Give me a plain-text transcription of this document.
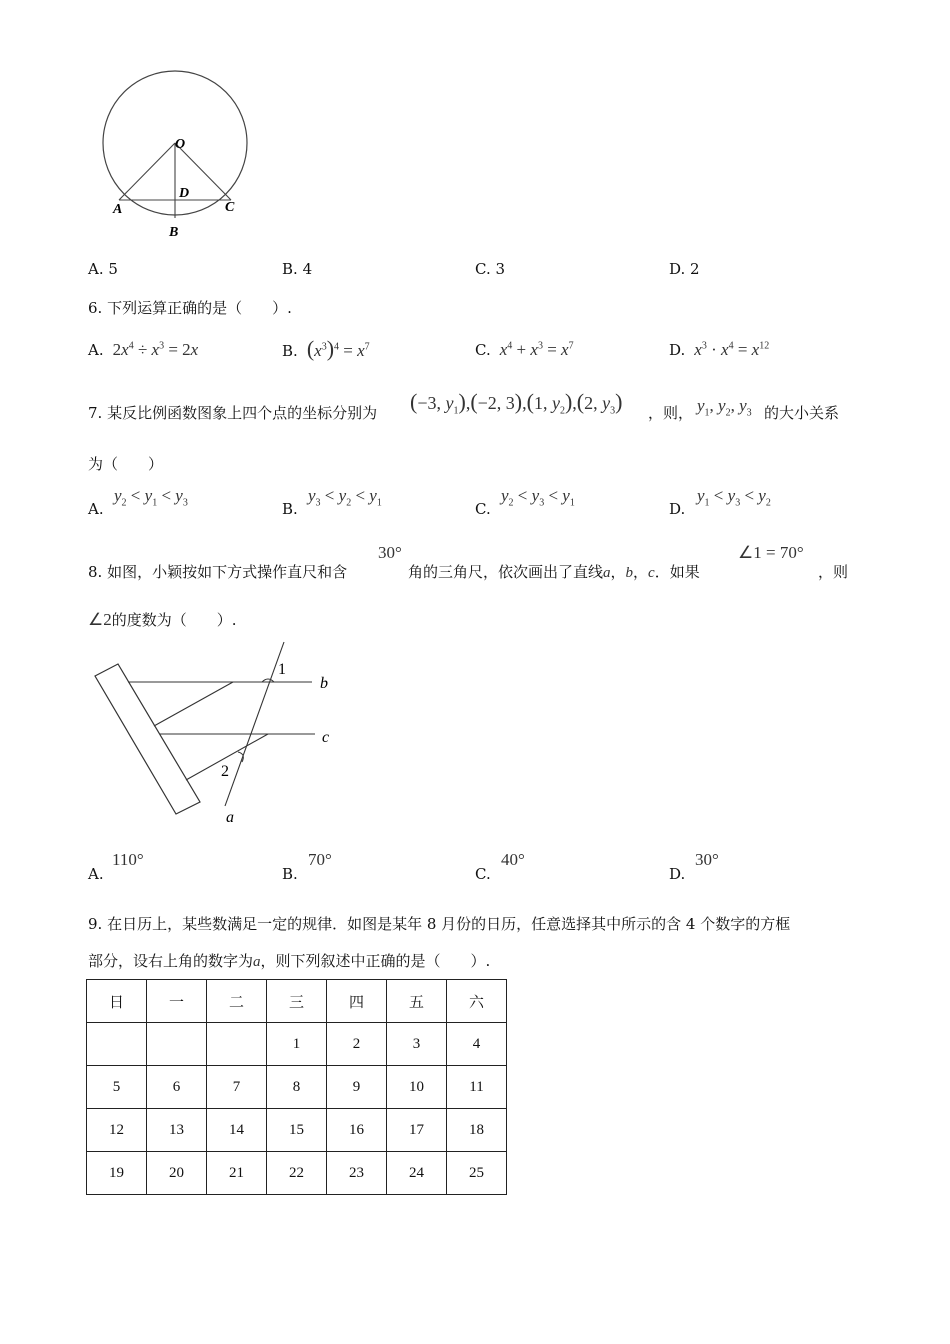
O
D
A	C
B
A. 5	B. 4	C. 3	D. 2
6. 下列运算正确的是（　　）.
A.  $2x^4 \div x^3 = 2x$	B. $(x^3)^4 = x^7$	C. $x^4 + x^3 = x^7$	D. $x^3 \cdot x^4 = x^{12}$
7. 某反比例函数图象上四个点的坐标分别为 (−3, $y_1),(-2$, 3),(1, $y_2),(2$, $y_3$) ，则， $y_1$, $y_2$, $y_3$ 的大小关系
为（　　）
A.
$y_2 < y_1 < y_3$	B.
$y_3 < y_2 < y_1$	C.
$y_2 < y_3 < y_1$	D.
$y_1 < y_3 < y_2$
8. 如图，小颖按如下方式操作直尺和含
30°
角的三角尺，依次画出了直线a，b，c．如果
∠1 = 70°
，则
∠2的度数为（　　）.
1
2
b
c
a
A.
110°
B.
70°
C.
40°
D.
30°
9. 在日历上，某些数满足一定的规律．如图是某年 8 月份的日历，任意选择其中所示的含 4 个数字的方框
部分，设右上角的数字为a，则下列叙述中正确的是（　　）.
日	一	二	三	四	五	六
			1	2	3	4
5	6	7	8	9	10	11
12	13	14	15	16	17	18
19	20	21	22	23	24	25
